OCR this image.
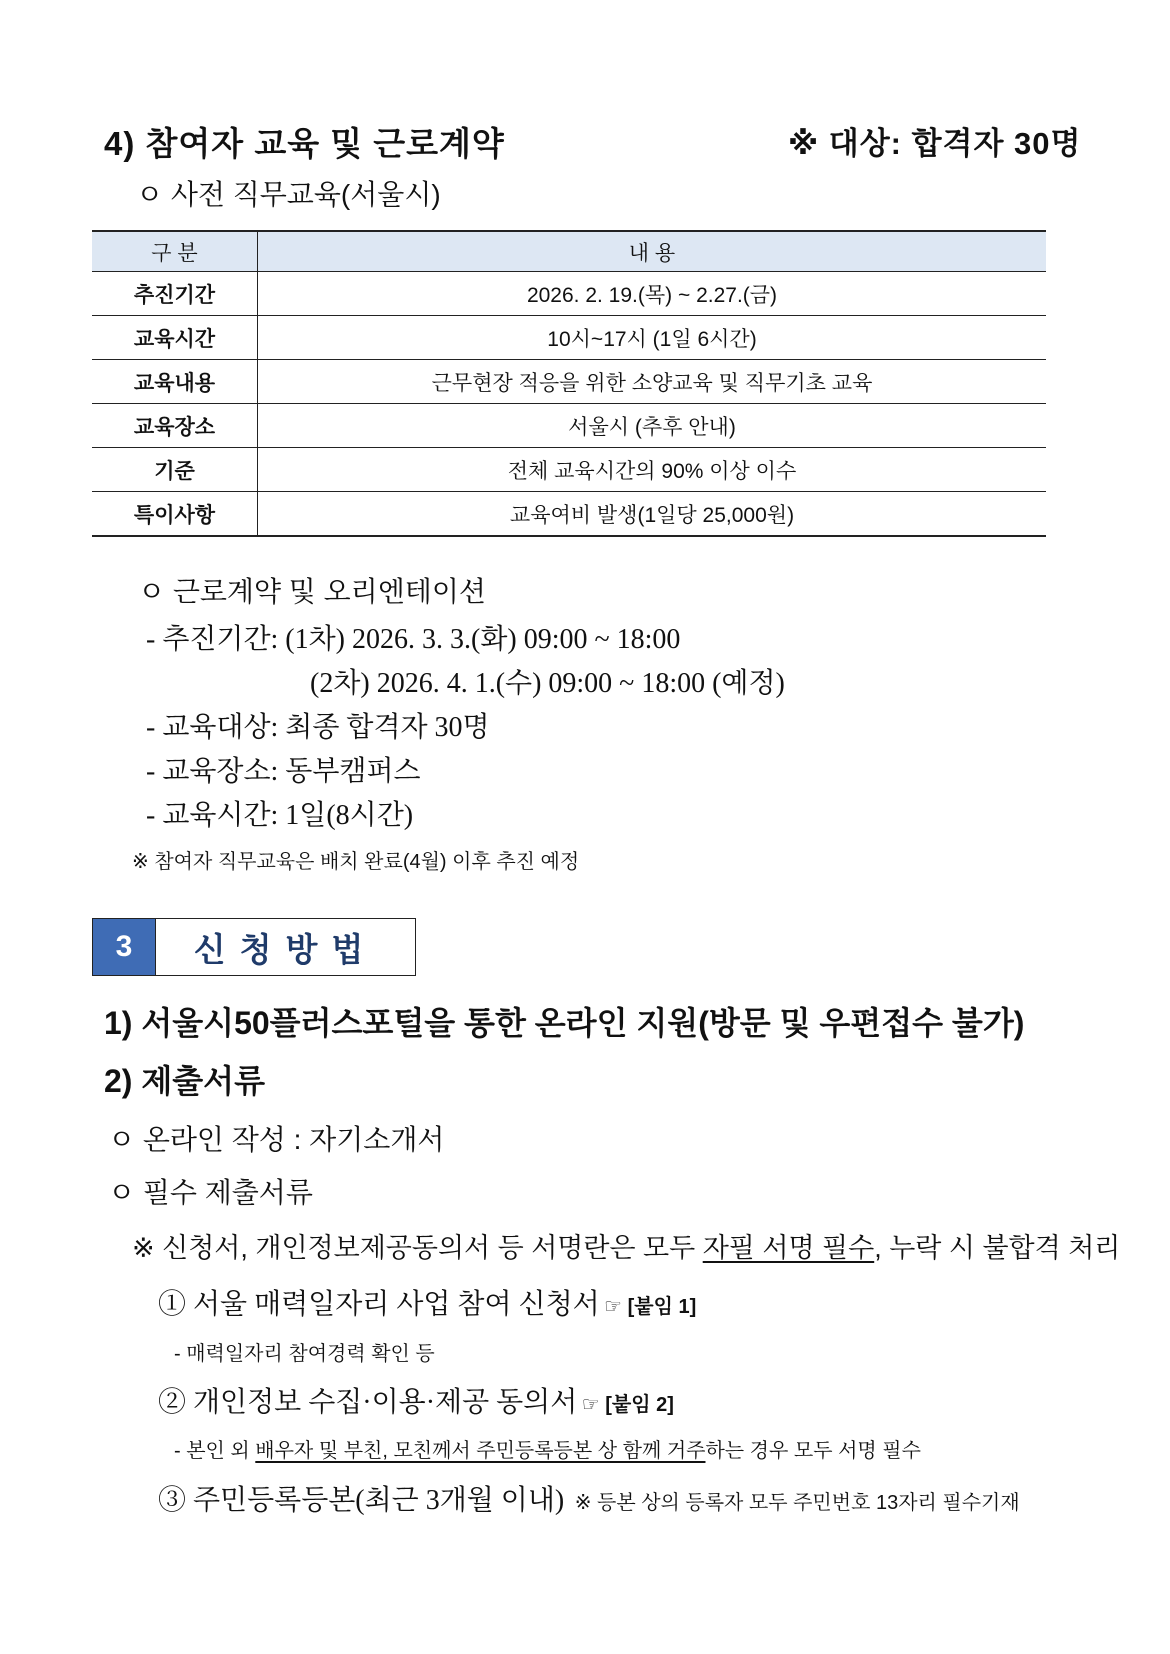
4) 참여자 교육 및 근로계약	※ 대상: 합격자 30명
ㅇ 사전 직무교육(서울시)
구 분	내 용
추진기간	2026. 2. 19.(목) ~ 2.27.(금)
교육시간	10시~17시 (1일 6시간)
교육내용	근무현장 적응을 위한 소양교육 및 직무기초 교육
교육장소	서울시 (추후 안내)
기준	전체 교육시간의 90% 이상 이수
특이사항	교육여비 발생(1일당 25,000원)
ㅇ 근로계약 및 오리엔테이션
- 추진기간: (1차) 2026. 3. 3.(화) 09:00 ~ 18:00
(2차) 2026. 4. 1.(수) 09:00 ~ 18:00 (예정)
- 교육대상: 최종 합격자 30명
- 교육장소: 동부캠퍼스
- 교육시간: 1일(8시간)
※ 참여자 직무교육은 배치 완료(4월) 이후 추진 예정
3	신청방법
1) 서울시50플러스포털을 통한 온라인 지원(방문 및 우편접수 불가)
2) 제출서류
ㅇ 온라인 작성 : 자기소개서
ㅇ 필수 제출서류
※ 신청서, 개인정보제공동의서 등 서명란은 모두 자필 서명 필수, 누락 시 불합격 처리
① 서울 매력일자리 사업 참여 신청서 ☞ [붙임 1]
- 매력일자리 참여경력 확인 등
② 개인정보 수집·이용·제공 동의서 ☞ [붙임 2]
- 본인 외 배우자 및 부친, 모친께서 주민등록등본 상 함께 거주하는 경우 모두 서명 필수
③ 주민등록등본(최근 3개월 이내) ※ 등본 상의 등록자 모두 주민번호 13자리 필수기재
